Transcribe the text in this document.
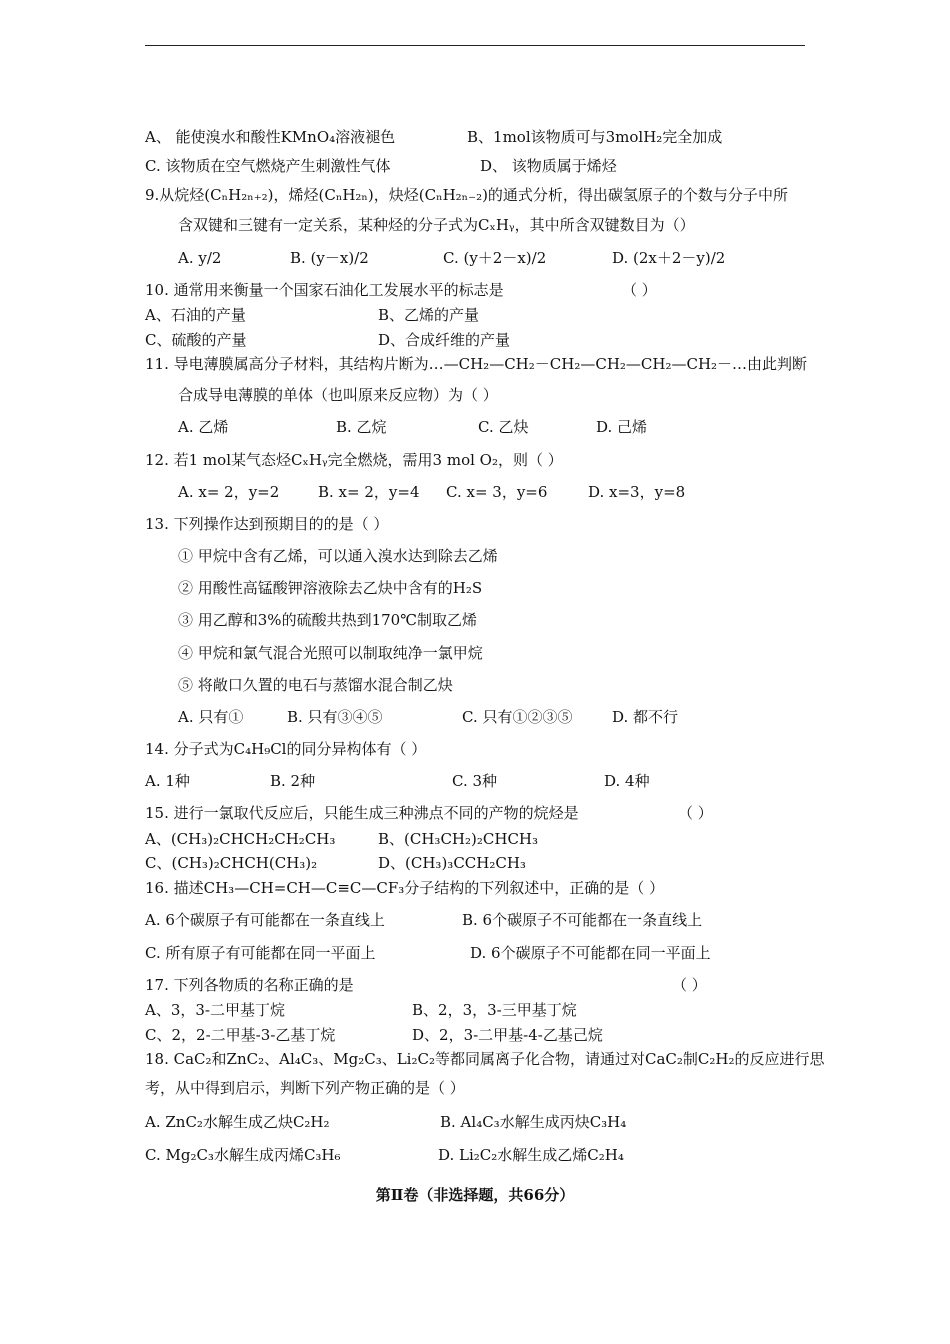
A、 能使溴水和酸性KMnO₄溶液褪色	B、1mol该物质可与3molH₂完全加成
C. 该物质在空气燃烧产生刺激性气体	D、 该物质属于烯烃
9.从烷烃(CₙH₂ₙ₊₂)，烯烃(CₙH₂ₙ)，炔烃(CₙH₂ₙ₋₂)的通式分析，得出碳氢原子的个数与分子中所
含双键和三键有一定关系，某种烃的分子式为CₓHᵧ，其中所含双键数目为（）
A. y/2	B. (y－x)/2	C. (y＋2－x)/2	D. (2x＋2－y)/2
10. 通常用来衡量一个国家石油化工发展水平的标志是	（ ）
A、石油的产量	B、乙烯的产量
C、硫酸的产量	D、合成纤维的产量
11. 导电薄膜属高分子材料，其结构片断为…—CH₂—CH₂－CH₂—CH₂—CH₂—CH₂－…由此判断
合成导电薄膜的单体（也叫原来反应物）为（ ）
A. 乙烯	B. 乙烷	C. 乙炔	D. 己烯
12. 若1 mol某气态烃CₓHᵧ完全燃烧，需用3 mol O₂，则（ ）
A. x= 2，y=2	B. x= 2，y=4 C. x= 3，y=6	D. x=3，y=8
13. 下列操作达到预期目的的是（ ）
① 甲烷中含有乙烯，可以通入溴水达到除去乙烯
② 用酸性高锰酸钾溶液除去乙炔中含有的H₂S
③ 用乙醇和3%的硫酸共热到170℃制取乙烯
④ 甲烷和氯气混合光照可以制取纯净一氯甲烷
⑤ 将敞口久置的电石与蒸馏水混合制乙炔
A. 只有①	B. 只有③④⑤	C. 只有①②③⑤	D. 都不行
14. 分子式为C₄H₉Cl的同分异构体有（ ）
A. 1种	B. 2种	C. 3种	D. 4种
15. 进行一氯取代反应后，只能生成三种沸点不同的产物的烷烃是	（ ）
A、(CH₃)₂CHCH₂CH₂CH₃	B、(CH₃CH₂)₂CHCH₃
C、(CH₃)₂CHCH(CH₃)₂	D、(CH₃)₃CCH₂CH₃
16. 描述CH₃—CH=CH—C≡C—CF₃分子结构的下列叙述中，正确的是（ ）
A. 6个碳原子有可能都在一条直线上	B. 6个碳原子不可能都在一条直线上
C. 所有原子有可能都在同一平面上	D. 6个碳原子不可能都在同一平面上
17. 下列各物质的名称正确的是	（ ）
A、3，3-二甲基丁烷	B、2，3，3-三甲基丁烷
C、2，2-二甲基-3-乙基丁烷	D、2，3-二甲基-4-乙基己烷
18. CaC₂和ZnC₂、Al₄C₃、Mg₂C₃、Li₂C₂等都同属离子化合物，请通过对CaC₂制C₂H₂的反应进行思
考，从中得到启示，判断下列产物正确的是（ ）
A. ZnC₂水解生成乙炔C₂H₂	B. Al₄C₃水解生成丙炔C₃H₄
C. Mg₂C₃水解生成丙烯C₃H₆	D. Li₂C₂水解生成乙烯C₂H₄
第Ⅱ卷（非选择题，共66分）
